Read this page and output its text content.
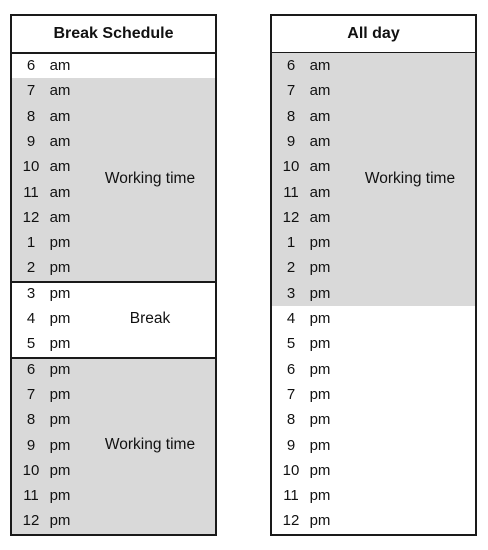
Break Schedule
6 am
7 am
8 am
9 am
10 am
11 am
12 am
1 pm
2 pm
3 pm
4 pm
5 pm
6 pm
7 pm
8 pm
9 pm
10 pm
11 pm
12 pm
Working time
Break
Working time
All day
6 am
7 am
8 am
9 am
10 am
11 am
12 am
1 pm
2 pm
3 pm
4 pm
5 pm
6 pm
7 pm
8 pm
9 pm
10 pm
11 pm
12 pm
Working time
